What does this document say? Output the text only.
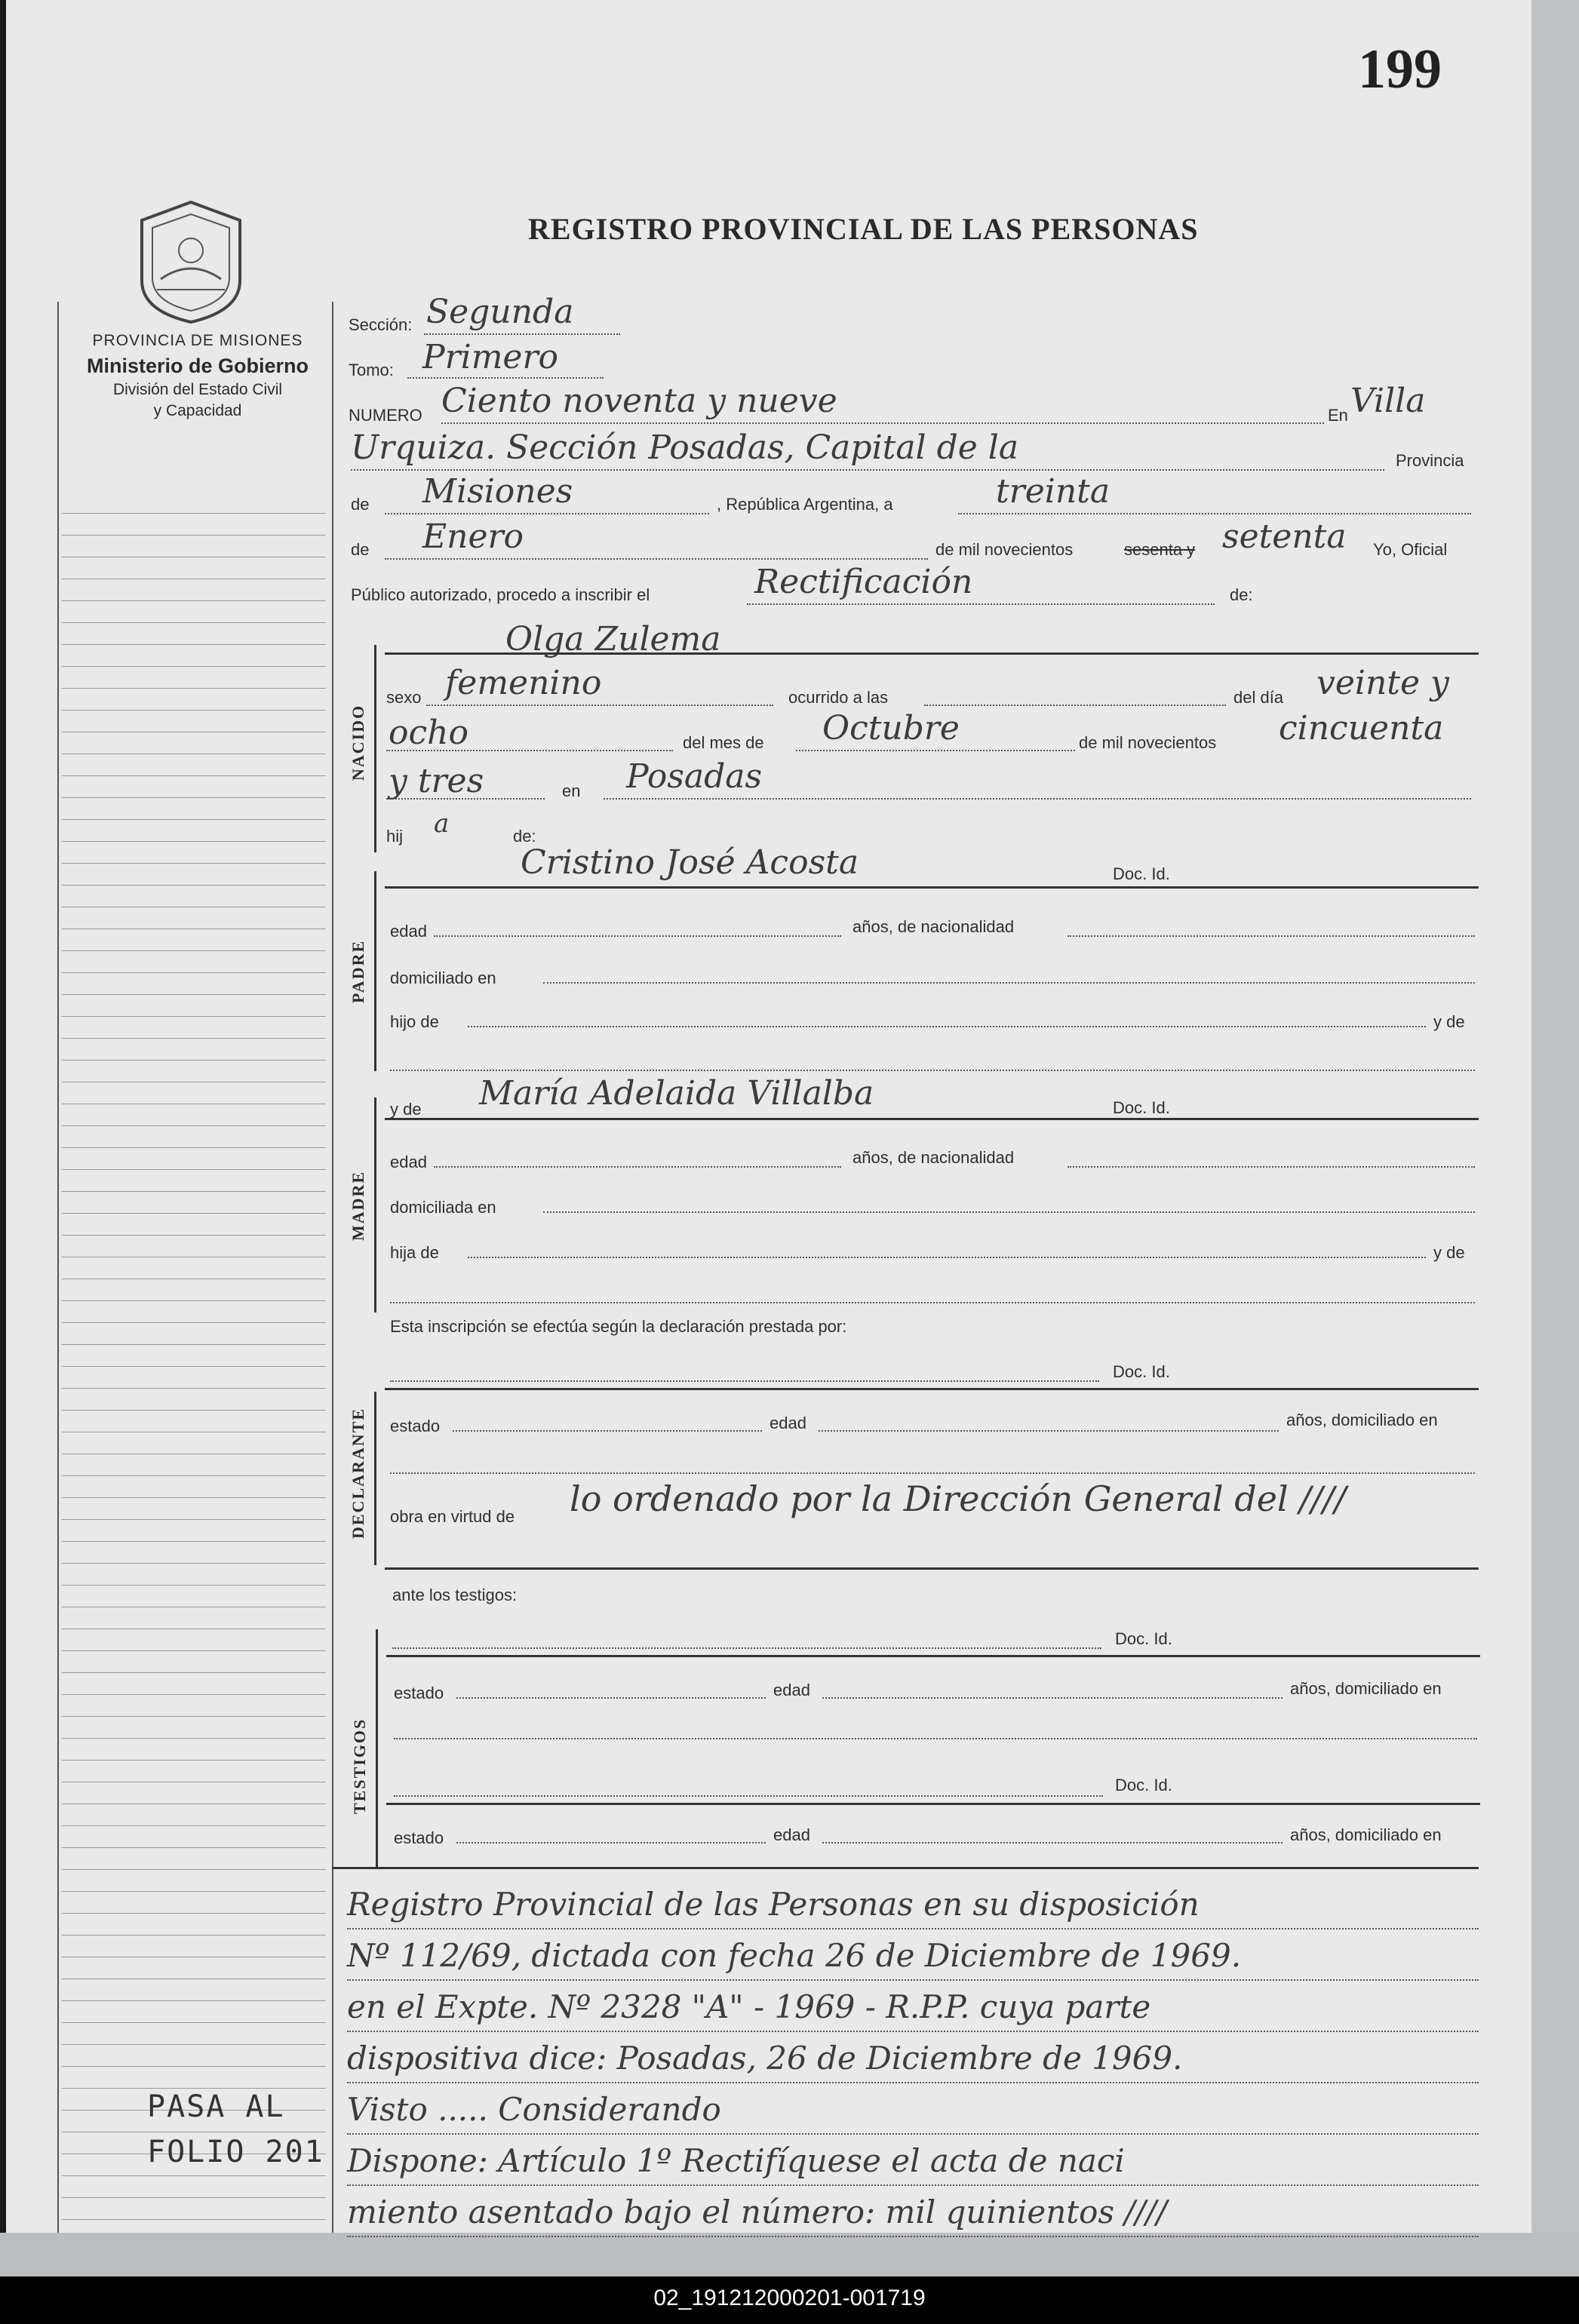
199
REGISTRO PROVINCIAL DE LAS PERSONAS
PROVINCIA DE MISIONES
Ministerio de Gobierno
División del Estado Civil
y Capacidad
PASA AL
FOLIO 201
Sección: Segunda
Tomo: Primero
NUMERO Ciento noventa y nueve	En Villa
Urquiza. Sección Posadas, Capital de la	Provincia
de Misiones	, República Argentina, a	treinta
de Enero	de mil novecientos	sesenta y setenta Yo, Oficial
Público autorizado, procedo a inscribir el	Rectificación	de:
NACIDO
Olga Zulema
sexo femenino	ocurrido a las	del día veinte y
ocho	del mes de Octubre	de mil novecientos cincuenta
y tres	en Posadas
hij a	de:
PADRE
Cristino José Acosta	Doc. Id.
edad	años, de nacionalidad
domiciliado en
hijo de	y de
MADRE
y de María Adelaida Villalba	Doc. Id.
edad	años, de nacionalidad
domiciliada en
hija de	y de
Esta inscripción se efectúa según la declaración prestada por:
Doc. Id.
DECLARANTE estado	edad	años, domiciliado en
obra en virtud de lo ordenado por la Dirección General del ////
ante los testigos:
Doc. Id.
TESTIGOS
estado	edad	años, domiciliado en
Doc. Id.
estado	edad	años, domiciliado en
Registro Provincial de las Personas en su disposición
Nº 112/69, dictada con fecha 26 de Diciembre de 1969.
en el Expte. Nº 2328 "A" - 1969 - R.P.P. cuya parte
dispositiva dice: Posadas, 26 de Diciembre de 1969.
Visto ..... Considerando
Dispone: Artículo 1º Rectifíquese el acta de naci
miento asentado bajo el número: mil quinientos ////
02_191212000201-001719
